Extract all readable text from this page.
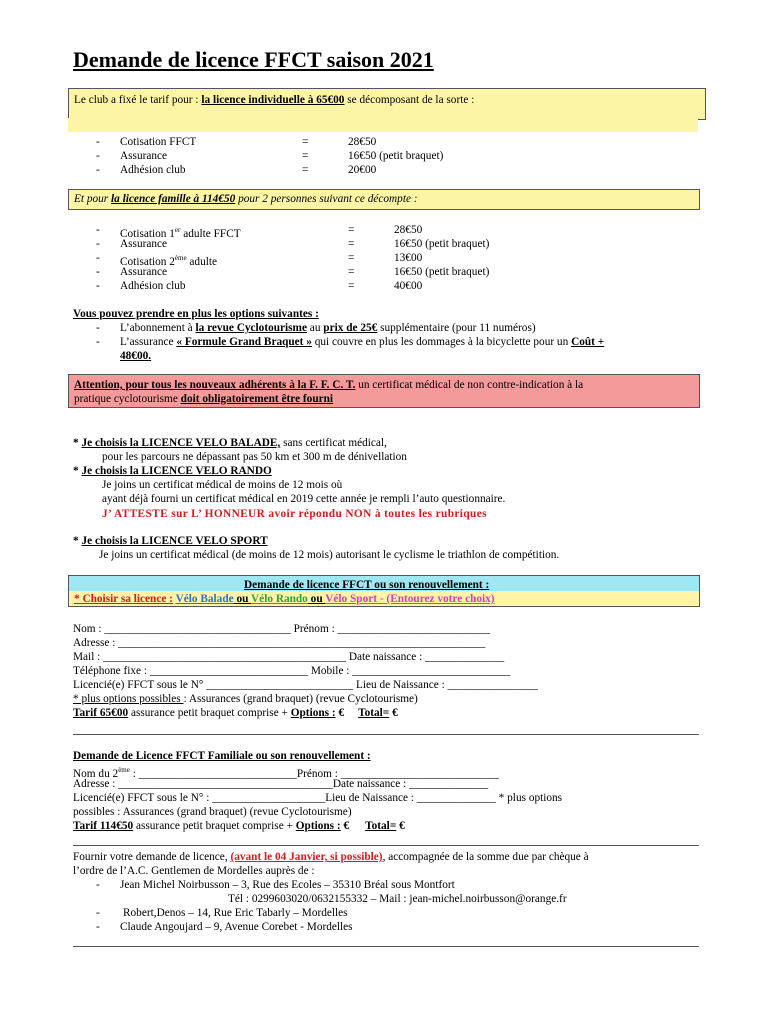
Demande de licence FFCT saison 2021
Le club a fixé le tarif pour : la licence individuelle à 65€00 se décomposant de la sorte :
- Cotisation FFCT	=	28€50
- Assurance	=	16€50 (petit braquet)
- Adhésion club	=	20€00
Et pour la licence famille à 114€50 pour 2 personnes suivant ce décompte :
- Cotisation 1er adulte FFCT	=	28€50
- Assurance	=	16€50 (petit braquet)
- Cotisation 2ème adulte	=	13€00
- Assurance	=	16€50 (petit braquet)
- Adhésion club	=	40€00
Vous pouvez prendre en plus les options suivantes :
- L’abonnement à la revue Cyclotourisme au prix de 25€ supplémentaire (pour 11 numéros)
- L’assurance « Formule Grand Braquet » qui couvre en plus les dommages à la bicyclette pour un Coût +
48€00.
Attention, pour tous les nouveaux adhérents à la F. F. C. T. un certificat médical de non contre-indication à la
pratique cyclotourisme doit obligatoirement être fourni
* Je choisis la LICENCE VELO BALADE, sans certificat médical,
pour les parcours ne dépassant pas 50 km et 300 m de dénivellation
* Je choisis la LICENCE VELO RANDO
Je joins un certificat médical de moins de 12 mois où
ayant déjà fourni un certificat médical en 2019 cette année je rempli l’auto questionnaire.
J’ ATTESTE sur L’ HONNEUR avoir répondu NON à toutes les rubriques
* Je choisis la LICENCE VELO SPORT
Je joins un certificat médical (de moins de 12 mois) autorisant le cyclisme le triathlon de compétition.
Demande de licence FFCT ou son renouvellement :
* Choisir sa licence : Vélo Balade ou Vélo Rando ou Vélo Sport - (Entourez votre choix)
Nom : _________________________________ Prénom : ___________________________
Adresse : _________________________________________________________________
Mail : ___________________________________________ Date naissance : ______________
Téléphone fixe : ____________________________ Mobile : ____________________________
Licencié(e) FFCT sous le N° __________________________ Lieu de Naissance : ________________
* plus options possibles : Assurances (grand braquet) (revue Cyclotourisme)
Tarif 65€00 assurance petit braquet comprise + Options : € Total= €
Demande de Licence FFCT Familiale ou son renouvellement :
Nom du 2ème : ____________________________Prénom : ____________________________
Adresse : ______________________________________Date naissance : ______________
Licencié(e) FFCT sous le N° : ____________________Lieu de Naissance : ______________ * plus options
possibles : Assurances (grand braquet) (revue Cyclotourisme)
Tarif 114€50 assurance petit braquet comprise + Options : € Total= €
Fournir votre demande de licence, (avant le 04 Janvier, si possible), accompagnée de la somme due par chèque à
l’ordre de l’A.C. Gentlemen de Mordelles auprès de :
- Jean Michel Noirbusson – 3, Rue des Ecoles – 35310 Bréal sous Montfort
Tél : 0299603020/0632155332 – Mail : jean-michel.noirbusson@orange.fr
- Robert,Denos – 14, Rue Eric Tabarly – Mordelles
- Claude Angoujard – 9, Avenue Corebet - Mordelles
